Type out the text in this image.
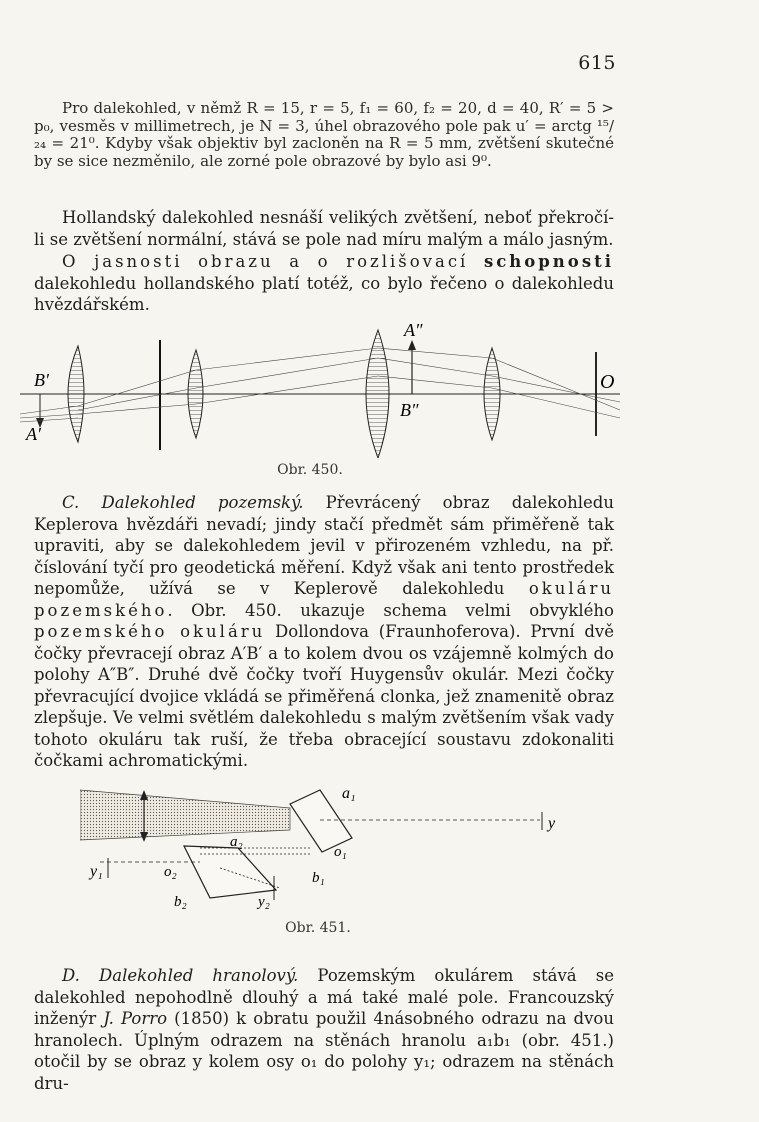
615

Pro dalekohled, v němž R = 15, r = 5, f₁ = 60, f₂ = 20, d = 40, R′ = 5 > p₀, vesměs v millimetrech, je N = 3, úhel obrazového pole pak u′ = arctg ¹⁵/₂₄ = 21⁰. Kdyby však objektiv byl zacloněn na R = 5 mm, zvětšení skutečné by se sice nezměnilo, ale zorné pole obrazové by bylo asi 9⁰.

Hollandský dalekohled nesnáší velikých zvětšení, neboť překročí-li se zvětšení normální, stává se pole nad míru malým a málo jasným.

O jasnosti obrazu a o rozlišovací schopnosti dalekohledu hollandského platí totéž, co bylo řečeno o dalekohledu hvězdářském.

B′
A′
A″
B″
O
Obr. 450.

C. Dalekohled pozemský. Převrácený obraz dalekohledu Keplerova hvězdáři nevadí; jindy stačí předmět sám přiměřeně tak upraviti, aby se dalekohledem jevil v přirozeném vzhledu, na př. číslování tyčí pro geodetická měření. Když však ani tento prostředek nepomůže, užívá se v Keplerově dalekohledu okuláru pozemského. Obr. 450. ukazuje schema velmi obvyklého pozemského okuláru Dollondova (Fraunhoferova). První dvě čočky převracejí obraz A′B′ a to kolem dvou os vzájemně kolmých do polohy A″B″. Druhé dvě čočky tvoří Huygensův okulár. Mezi čočky převracující dvojice vkládá se přiměřená clonka, jež znamenitě obraz zlepšuje. Ve velmi světlém dalekohledu s malým zvětšením však vady tohoto okuláru tak ruší, že třeba obracející soustavu zdokonaliti čočkami achromatickými.

a₁
y
a₂
o₁
y₁	o₂	b₁
b₂	y₂
Obr. 451.

D. Dalekohled hranolový. Pozemským okulárem stává se dalekohled nepohodlně dlouhý a má také malé pole. Francouzský inženýr J. Porro (1850) k obratu použil 4násobného odrazu na dvou hranolech. Úplným odrazem na stěnách hranolu a₁b₁ (obr. 451.) otočil by se obraz y kolem osy o₁ do polohy y₁; odrazem na stěnách dru-
